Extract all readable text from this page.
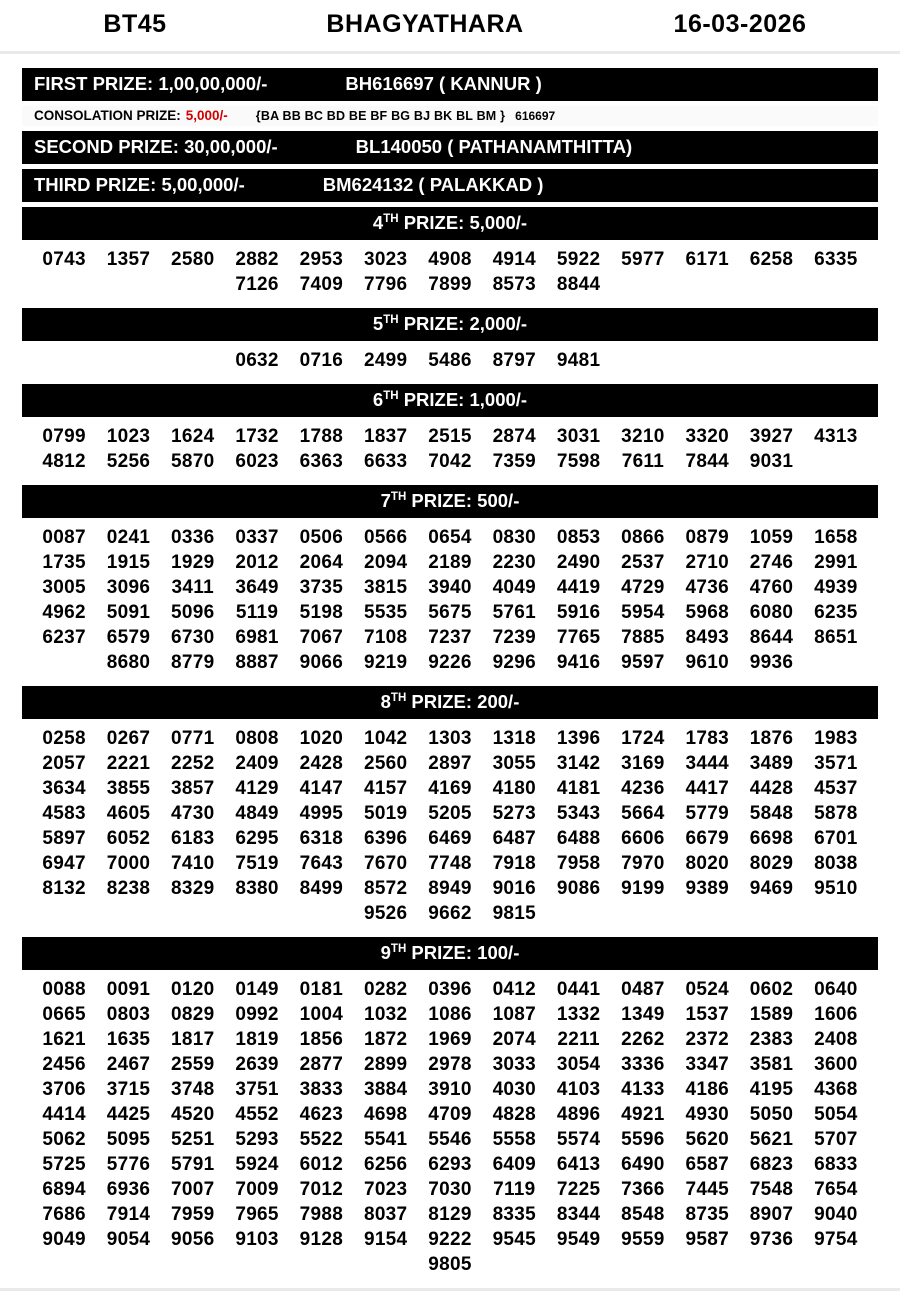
BT45	BHAGYATHARA	16-03-2026
FIRST PRIZE: 1,00,00,000/-	BH616697 ( KANNUR )
CONSOLATION PRIZE: 5,000/- {BA BB BC BD BE BF BG BJ BK BL BM } 616697
SECOND PRIZE: 30,00,000/-	BL140050 ( PATHANAMTHITTA)
THIRD PRIZE: 5,00,000/-	BM624132 ( PALAKKAD )
4TH PRIZE: 5,000/-
0743 1357 2580 2882 2953 3023 4908 4914 5922 5977 6171 6258 6335

7126 7409 7796 7899 8573 8844
5TH PRIZE: 2,000/-

0632 0716 2499 5486 8797 9481
6TH PRIZE: 1,000/-
0799 1023 1624 1732 1788 1837 2515 2874 3031 3210 3320 3927 4313
4812 5256 5870 6023 6363 6633 7042 7359 7598 7611 7844 9031
7TH PRIZE: 500/-
0087 0241 0336 0337 0506 0566 0654 0830 0853 0866 0879 1059 1658
1735 1915 1929 2012 2064 2094 2189 2230 2490 2537 2710 2746 2991
3005 3096 3411 3649 3735 3815 3940 4049 4419 4729 4736 4760 4939
4962 5091 5096 5119 5198 5535 5675 5761 5916 5954 5968 6080 6235
6237 6579 6730 6981 7067 7108 7237 7239 7765 7885 8493 8644 8651

8680 8779 8887 9066 9219 9226 9296 9416 9597 9610 9936
8TH PRIZE: 200/-
0258 0267 0771 0808 1020 1042 1303 1318 1396 1724 1783 1876 1983
2057 2221 2252 2409 2428 2560 2897 3055 3142 3169 3444 3489 3571
3634 3855 3857 4129 4147 4157 4169 4180 4181 4236 4417 4428 4537
4583 4605 4730 4849 4995 5019 5205 5273 5343 5664 5779 5848 5878
5897 6052 6183 6295 6318 6396 6469 6487 6488 6606 6679 6698 6701
6947 7000 7410 7519 7643 7670 7748 7918 7958 7970 8020 8029 8038
8132 8238 8329 8380 8499 8572 8949 9016 9086 9199 9389 9469 9510

9526 9662 9815
9TH PRIZE: 100/-
0088 0091 0120 0149 0181 0282 0396 0412 0441 0487 0524 0602 0640
0665 0803 0829 0992 1004 1032 1086 1087 1332 1349 1537 1589 1606
1621 1635 1817 1819 1856 1872 1969 2074 2211 2262 2372 2383 2408
2456 2467 2559 2639 2877 2899 2978 3033 3054 3336 3347 3581 3600
3706 3715 3748 3751 3833 3884 3910 4030 4103 4133 4186 4195 4368
4414 4425 4520 4552 4623 4698 4709 4828 4896 4921 4930 5050 5054
5062 5095 5251 5293 5522 5541 5546 5558 5574 5596 5620 5621 5707
5725 5776 5791 5924 6012 6256 6293 6409 6413 6490 6587 6823 6833
6894 6936 7007 7009 7012 7023 7030 7119 7225 7366 7445 7548 7654
7686 7914 7959 7965 7988 8037 8129 8335 8344 8548 8735 8907 9040
9049 9054 9056 9103 9128 9154 9222 9545 9549 9559 9587 9736 9754

9805
